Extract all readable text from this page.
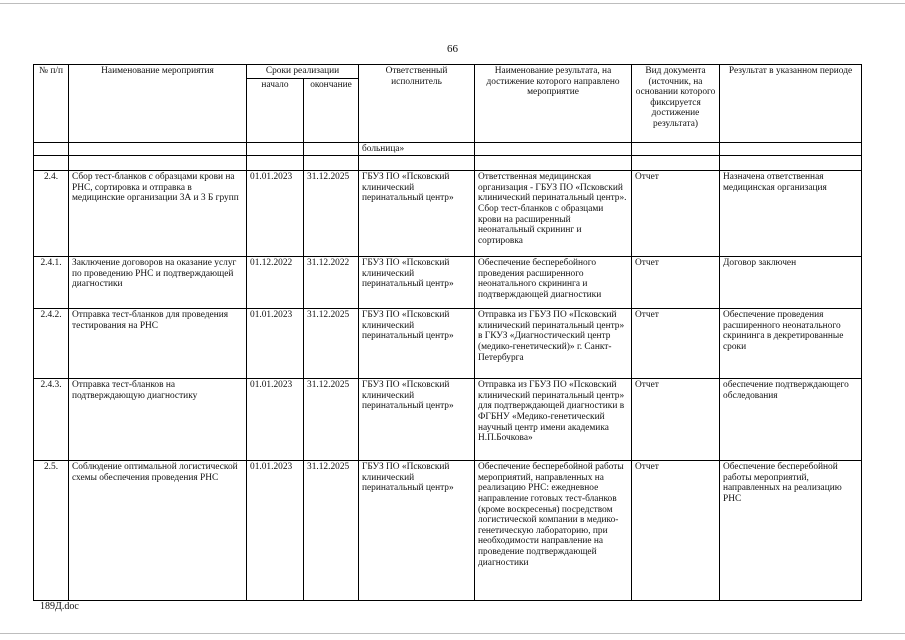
66
№ п/п	Наименование мероприятия	Сроки реализации		Ответственный исполнитель	Наименование результата, на достижение которого направлено мероприятие	Вид документа (источник, на основании которого фиксируется достижение результата)	Результат в указанном периоде
		начало	окончание				
				больница»			

2.4.	Сбор тест-бланков с образцами крови на РНС, сортировка и отправка в медицинские организации 3А и 3 Б групп	01.01.2023	31.12.2025	ГБУЗ ПО «Псковский клинический перинатальный центр»	Ответственная медицинская организация - ГБУЗ ПО «Псковский клинический перинатальный центр». Сбор тест-бланков с образцами крови на расширенный неонатальный скрининг и сортировка	Отчет	Назначена ответственная медицинская организация
2.4.1.	Заключение договоров на оказание услуг по проведению РНС и подтверждающей диагностики	01.12.2022	31.12.2022	ГБУЗ ПО «Псковский клинический перинатальный центр»	Обеспечение бесперебойного проведения расширенного неонатального скрининга и подтверждающей диагностики	Отчет	Договор заключен
2.4.2.	Отправка тест-бланков для проведения тестирования на РНС	01.01.2023	31.12.2025	ГБУЗ ПО «Псковский клинический перинатальный центр»	Отправка из ГБУЗ ПО «Псковский клинический перинатальный центр» в ГКУЗ «Диагностический центр (медико-генетический)» г. Санкт-Петербурга	Отчет	Обеспечение проведения расширенного неонатального скрининга в декретированные сроки
2.4.3.	Отправка тест-бланков на подтверждающую диагностику	01.01.2023	31.12.2025	ГБУЗ ПО «Псковский клинический перинатальный центр»	Отправка из ГБУЗ ПО «Псковский клинический перинатальный центр» для подтверждающей диагностики в ФГБНУ «Медико-генетический научный центр имени академика Н.П.Бочкова»	Отчет	обеспечение подтверждающего обследования
2.5.	Соблюдение оптимальной логистической схемы обеспечения проведения РНС	01.01.2023	31.12.2025	ГБУЗ ПО «Псковский клинический перинатальный центр»	Обеспечение бесперебойной работы мероприятий, направленных на реализацию РНС: ежедневное направление готовых тест-бланков (кроме воскресенья) посредством логистической компании в медико-генетическую лабораторию, при необходимости направление на проведение подтверждающей диагностики	Отчет	Обеспечение бесперебойной работы мероприятий, направленных на реализацию РНС
189Д.doc
